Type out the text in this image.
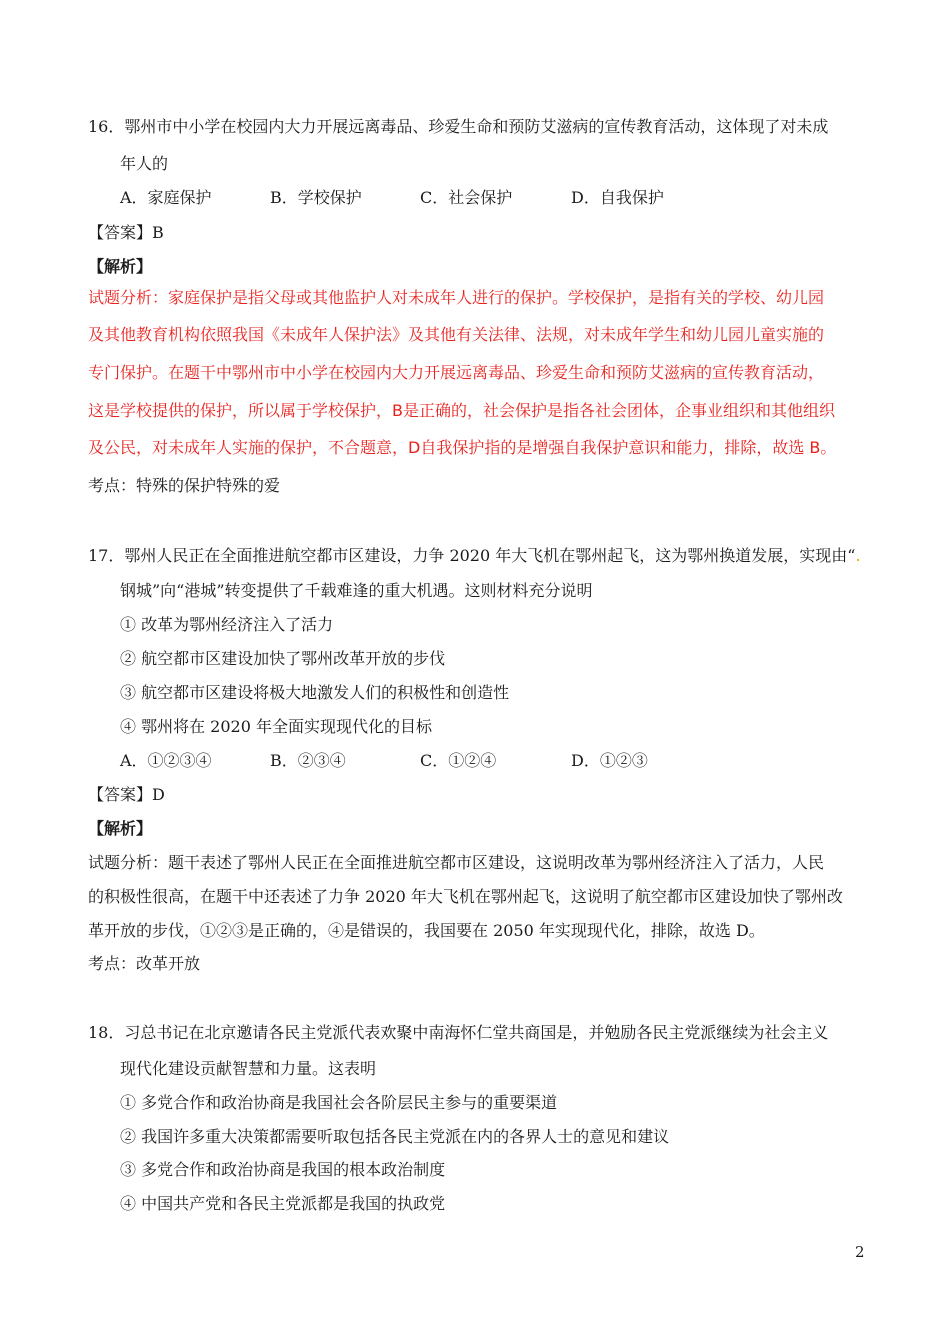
16．鄂州市中小学在校园内大力开展远离毒品、珍爱生命和预防艾滋病的宣传教育活动，这体现了对未成
年人的
A．家庭保护	B．学校保护	C．社会保护	D．自我保护
【答案】B
【解析】
试题分析：家庭保护是指父母或其他监护人对未成年人进行的保护。学校保护，是指有关的学校、幼儿园
及其他教育机构依照我国《未成年人保护法》及其他有关法律、法规，对未成年学生和幼儿园儿童实施的
专门保护。在题干中鄂州市中小学在校园内大力开展远离毒品、珍爱生命和预防艾滋病的宣传教育活动，
这是学校提供的保护，所以属于学校保护，B是正确的，社会保护是指各社会团体，企事业组织和其他组织
及公民，对未成年人实施的保护，不合题意，D自我保护指的是增强自我保护意识和能力，排除，故选 B。
考点：特殊的保护特殊的爱
17．鄂州人民正在全面推进航空都市区建设，力争 2020 年大飞机在鄂州起飞，这为鄂州换道发展，实现由“.
钢城”向“港城”转变提供了千载难逢的重大机遇。这则材料充分说明
① 改革为鄂州经济注入了活力
② 航空都市区建设加快了鄂州改革开放的步伐
③ 航空都市区建设将极大地激发人们的积极性和创造性
④ 鄂州将在 2020 年全面实现现代化的目标
A．①②③④	B．②③④	C．①②④	D．①②③
【答案】D
【解析】
试题分析：题干表述了鄂州人民正在全面推进航空都市区建设，这说明改革为鄂州经济注入了活力，人民
的积极性很高，在题干中还表述了力争 2020 年大飞机在鄂州起飞，这说明了航空都市区建设加快了鄂州改
革开放的步伐，①②③是正确的，④是错误的，我国要在 2050 年实现现代化，排除，故选 D。
考点：改革开放
18．习总书记在北京邀请各民主党派代表欢聚中南海怀仁堂共商国是，并勉励各民主党派继续为社会主义
现代化建设贡献智慧和力量。这表明
① 多党合作和政治协商是我国社会各阶层民主参与的重要渠道
② 我国许多重大决策都需要听取包括各民主党派在内的各界人士的意见和建议
③ 多党合作和政治协商是我国的根本政治制度
④ 中国共产党和各民主党派都是我国的执政党
2
